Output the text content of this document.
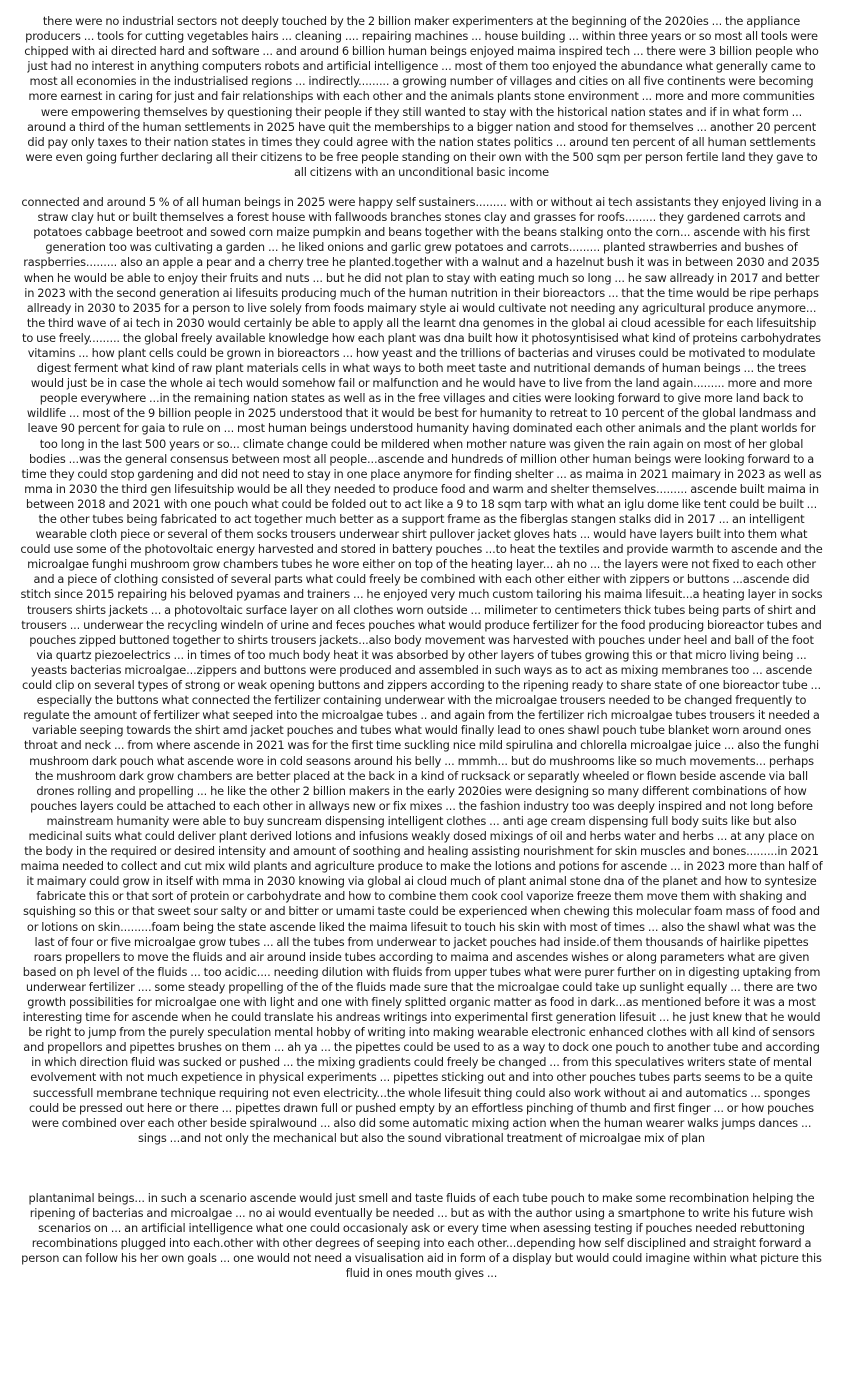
there were no industrial sectors not deeply touched by the 2 billion maker experimenters at the beginning of the 2020ies ... the appliance producers ... tools for cutting vegetables hairs ... cleaning .... repairing machines ... house building ... within three years or so most all tools were chipped with ai directed hard and software ... and around 6 billion human beings enjoyed maima inspired tech ... there were 3 billion people who just had no interest in anything computers robots and artificial intelligence ... most of them too enjoyed the abundance what generally came to most all economies in the industrialised regions ... indirectly......... a growing number of villages and cities on all five continents were becoming more earnest in caring for just and fair relationships with each other and the animals plants stone environment ... more and more communities were empowering themselves by questioning their people if they still wanted to stay with the historical nation states and if in what form ... around a third of the human settlements in 2025 have quit the memberships to a bigger nation and stood for themselves ... another 20 percent did pay only taxes to their nation states in times they could agree with the nation states politics ... around ten percent of all human settlements were even going further declaring all their citizens to be free people standing on their own with the 500 sqm per person fertile land they gave to all citizens with an unconditional basic income

connected and around 5 % of all human beings in 2025 were happy self sustainers......... with or without ai tech assistants they enjoyed living in a straw clay hut or built themselves a forest house with fallwoods branches stones clay and grasses for roofs......... they gardened carrots and potatoes cabbage beetroot and sowed corn maize pumpkin and beans together with the beans stalking onto the corn... ascende with his first generation too was cultivating a garden ... he liked onions and garlic grew potatoes and carrots......... planted strawberries and bushes of raspberries......... also an apple a pear and a cherry tree he planted.together with a walnut and a hazelnut bush it was in between 2030 and 2035 when he would be able to enjoy their fruits and nuts ... but he did not plan to stay with eating much so long ... he saw allready in 2017 and better in 2023 with the second generation ai lifesuits producing much of the human nutrition in their bioreactors ... that the time would be ripe perhaps allready in 2030 to 2035 for a person to live solely from foods maimary style ai would cultivate not needing any agricultural produce anymore... the third wave of ai tech in 2030 would certainly be able to apply all the learnt dna genomes in the global ai cloud acessible for each lifesuitship to use freely......... the global freely available knowledge how each plant was dna built how it photosyntisised what kind of proteins carbohydrates vitamins ... how plant cells could be grown in bioreactors ... how yeast and the trillions of bacterias and viruses could be motivated to modulate digest ferment what kind of raw plant materials cells in what ways to both meet taste and nutritional demands of human beings ... the trees would just be in case the whole ai tech would somehow fail or malfunction and he would have to live from the land again......... more and more people everywhere ...in the remaining nation states as well as in the free villages and cities were looking forward to give more land back to wildlife ... most of the 9 billion people in 2025 understood that it would be best for humanity to retreat to 10 percent of the global landmass and leave 90 percent for gaia to rule on ... most human beings understood humanity having dominated each other animals and the plant worlds for too long in the last 500 years or so... climate change could be mildered when mother nature was given the rain again on most of her global bodies ...was the general consensus between most all people...ascende and hundreds of million other human beings were looking forward to a time they could stop gardening and did not need to stay in one place anymore for finding shelter ... as maima in 2021 maimary in 2023 as well as mma in 2030 the third gen lifesuitship would be all they needed to produce food and warm and shelter themselves......... ascende built maima in between 2018 and 2021 with one pouch what could be folded out to act like a 9 to 18 sqm tarp with what an iglu dome like tent could be built ... the other tubes being fabricated to act together much better as a support frame as the fiberglas stangen stalks did in 2017 ... an intelligent wearable cloth piece or several of them socks trousers underwear shirt pullover jacket gloves hats ... would have layers built into them what could use some of the photovoltaic energy harvested and stored in battery pouches ...to heat the textiles and provide warmth to ascende and the microalgae funghi mushroom grow chambers tubes he wore either on top of the heating layer... ah no ... the layers were not fixed to each other and a piece of clothing consisted of several parts what could freely be combined with each other either with zippers or buttons ...ascende did stitch since 2015 repairing his beloved pyamas and trainers ... he enjoyed very much custom tailoring his maima lifesuit...a heating layer in socks trousers shirts jackets ... a photovoltaic surface layer on all clothes worn outside ... milimeter to centimeters thick tubes being parts of shirt and trousers ... underwear the recycling windeln of urine and feces pouches what would produce fertilizer for the food producing bioreactor tubes and pouches zipped buttoned together to shirts trousers jackets...also body movement was harvested with pouches under heel and ball of the foot via quartz piezoelectrics ... in times of too much body heat it was absorbed by other layers of tubes growing this or that micro living being ... yeasts bacterias microalgae...zippers and buttons were produced and assembled in such ways as to act as mixing membranes too ... ascende could clip on several types of strong or weak opening buttons and zippers according to the ripening ready to share state of one bioreactor tube ... especially the buttons what connected the fertilizer containing underwear with the microalgae trousers needed to be changed frequently to regulate the amount of fertilizer what seeped into the microalgae tubes .. and again from the fertilizer rich microalgae tubes trousers it needed a variable seeping towards the shirt amd jacket pouches and tubes what would finally lead to ones shawl pouch tube blanket worn around ones throat and neck ... from where ascende in 2021 was for the first time suckling nice mild spirulina and chlorella microalgae juice ... also the funghi mushroom dark pouch what ascende wore in cold seasons around his belly ... mmmh... but do mushrooms like so much movements... perhaps the mushroom dark grow chambers are better placed at the back in a kind of rucksack or separatly wheeled or flown beside ascende via ball drones rolling and propelling ... he like the other 2 billion makers in the early 2020ies were designing so many different combinations of how pouches layers could be attached to each other in allways new or fix mixes ... the fashion industry too was deeply inspired and not long before mainstream humanity were able to buy suncream dispensing intelligent clothes ... anti age cream dispensing full body suits like but also medicinal suits what could deliver plant derived lotions and infusions weakly dosed mixings of oil and herbs water and herbs ... at any place on the body in the required or desired intensity and amount of soothing and healing assisting nourishment for skin muscles and bones.........in 2021 maima needed to collect and cut mix wild plants and agriculture produce to make the lotions and potions for ascende ... in 2023 more than half of it maimary could grow in itself with mma in 2030 knowing via global ai cloud much of plant animal stone dna of the planet and how to syntesize fabricate this or that sort of protein or carbohydrate and how to combine them cook cool vaporize freeze them move them with shaking and squishing so this or that sweet sour salty or and bitter or umami taste could be experienced when chewing this molecular foam mass of food and or lotions on skin.........foam being the state ascende liked the maima lifesuit to touch his skin with most of times ... also the shawl what was the last of four or five microalgae grow tubes ... all the tubes from underwear to jacket pouches had inside.of them thousands of hairlike pipettes roars propellers to move the fluids and air around inside tubes according to maima and ascendes wishes or along parameters what are given based on ph level of the fluids ... too acidic.... needing dilution with fluids from upper tubes what were purer further on in digesting uptaking from underwear fertilizer .... some steady propelling of the of the fluids made sure that the microalgae could take up sunlight equally ... there are two growth possibilities for microalgae one with light and one with finely splitted organic matter as food in dark...as mentioned before it was a most interesting time for ascende when he could translate his andreas writings into experimental first generation lifesuit ... he just knew that he would be right to jump from the purely speculation mental hobby of writing into making wearable electronic enhanced clothes with all kind of sensors and propellors and pipettes brushes on them ... ah ya ... the pipettes could be used to as a way to dock one pouch to another tube and according in which direction fluid was sucked or pushed ... the mixing gradients could freely be changed ... from this speculatives writers state of mental evolvement with not much expetience in physical experiments ... pipettes sticking out and into other pouches tubes parts seems to be a quite successfull membrane technique requiring not even electricity...the whole lifesuit thing could also work without ai and automatics ... sponges could be pressed out here or there ... pipettes drawn full or pushed empty by an effortless pinching of thumb and first finger ... or how pouches were combined over each other beside spiralwound ... also did some automatic mixing action when the human wearer walks jumps dances ... sings ...and not only the mechanical but also the sound vibrational treatment of microalgae mix of plan

plantanimal beings... in such a scenario ascende would just smell and taste fluids of each tube pouch to make some recombination helping the ripening of bacterias and microalgae ... no ai would eventually be needed ... but as with the author using a smartphone to write his future wish scenarios on ... an artificial intelligence what one could occasionaly ask or every time when asessing testing if pouches needed rebuttoning recombinations plugged into each.other with other degrees of seeping into each other...depending how self disciplined and straight forward a person can follow his her own goals ... one would not need a visualisation aid in form of a display but would could imagine within what picture this fluid in ones mouth gives ...
